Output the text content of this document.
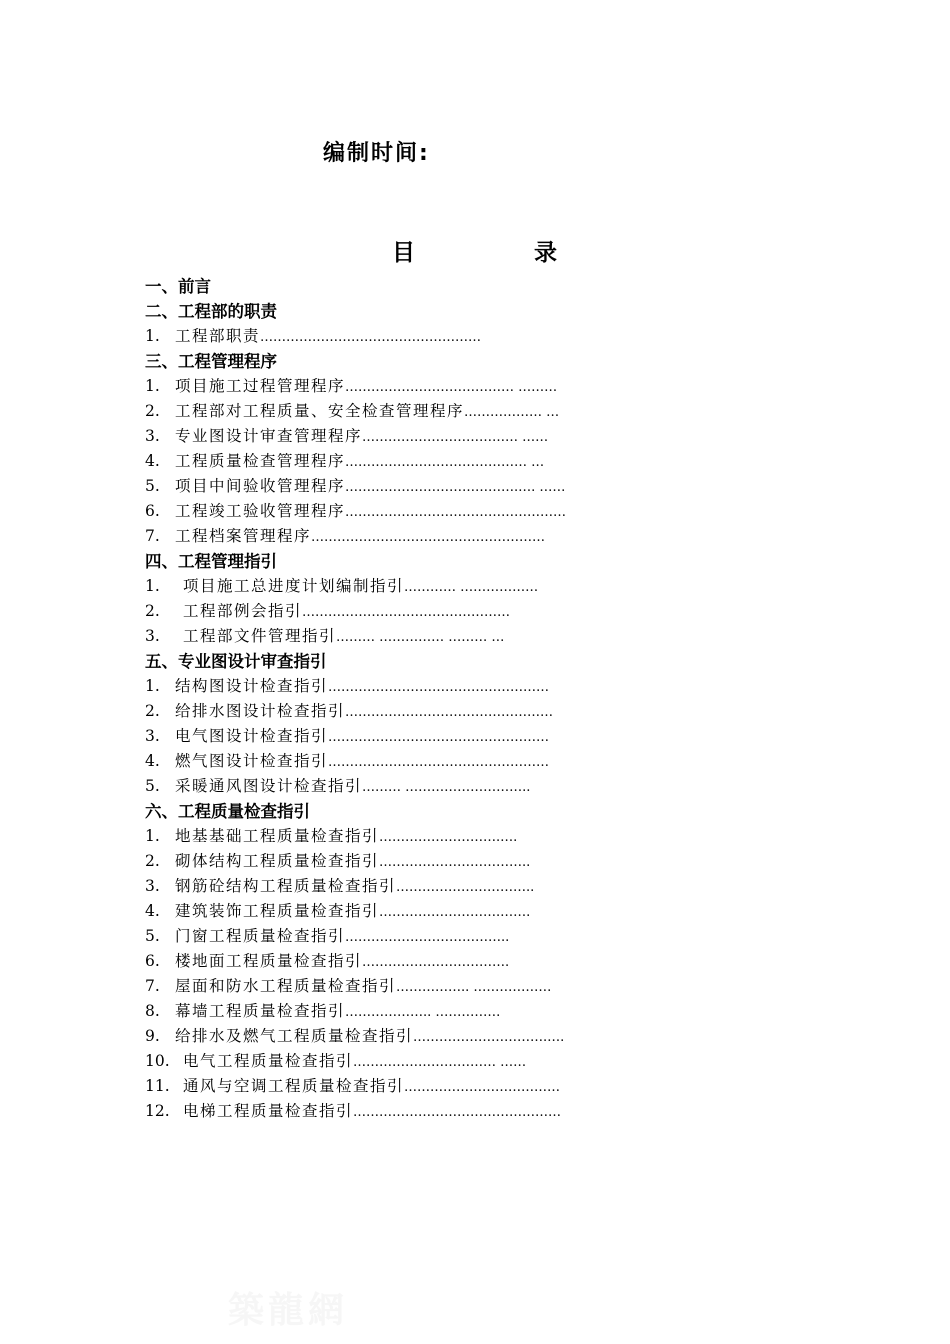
编制时间:
目	录
一、前言
二、工程部的职责
1. 工程部职责……………………………………………
三、工程管理程序
1. 项目施工过程管理程序………………………………… ………
2. 工程部对工程质量、安全检查管理程序……………… …
3. 专业图设计审查管理程序……………………………… ……
4. 工程质量检查管理程序…………………………………… …
5. 项目中间验收管理程序………………………………….…. ……
6. 工程竣工验收管理程序……………………………………………
7. 工程档案管理程序………………………………………………
四、工程管理指引
1. 项目施工总进度计划编制指引………… ………………
2. 工程部例会指引…………………………………………
3. 工程部文件管理指引……… …………… ……… …
五、专业图设计审查指引
1. 结构图设计检查指引……………………………………………
2. 给排水图设计检查指引…………………………………………
3. 电气图设计检查指引……………………………………………
4. 燃气图设计检查指引……………………………………………
5. 采暖通风图设计检查指引……… ………………………..
六、工程质量检查指引
1. 地基基础工程质量检查指引……………………….….
2. 砌体结构工程质量检查指引……………………………..
3. 钢筋砼结构工程质量检查指引…………………………..
4. 建筑装饰工程质量检查指引……………………….…….
5. 门窗工程质量检查指引………………………………..
6. 楼地面工程质量检查指引…………………………….
7. 屋面和防水工程质量检查指引…………….. ………………
8. 幕墙工程质量检查指引……………….. ……………
9. 给排水及燃气工程质量检查指引………………………….….
10. 电气工程质量检查指引…………………………… ……
11. 通风与空调工程质量检查指引………………………………
12. 电梯工程质量检查指引…………………………………………
築龍網
